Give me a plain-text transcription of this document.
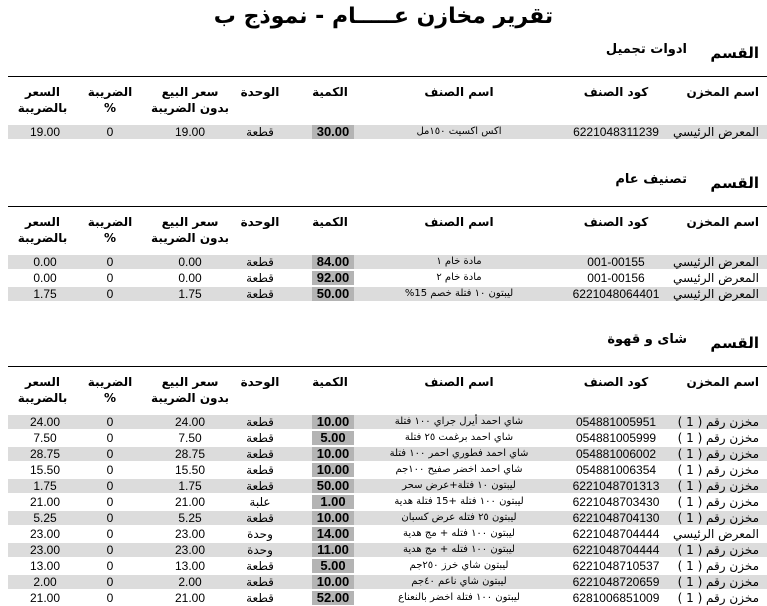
تقرير مخازن عـــــام - نموذج ب
القسم
ادوات تجميل
اسم المخزن
كود الصنف
اسم الصنف
الكمية
الوحدة
سعر البيع
بدون الضريبة
الضريبة
%
السعر
بالضريبة
المعرض الرئيسي
6221048311239
اكس اكسيت ١٥٠مل
30.00
قطعة
19.00
0
19.00
القسم
تصنيف عام
اسم المخزن
كود الصنف
اسم الصنف
الكمية
الوحدة
سعر البيع
بدون الضريبة
الضريبة
%
السعر
بالضريبة
المعرض الرئيسي
001-00155
مادة خام ١
84.00
قطعة
0.00
0
0.00
المعرض الرئيسي
001-00156
مادة خام ٢
92.00
قطعة
0.00
0
0.00
المعرض الرئيسي
6221048064401
ليبتون ١٠ فتلة خصم 15%
50.00
قطعة
1.75
0
1.75
القسم
شاى و قهوة
اسم المخزن
كود الصنف
اسم الصنف
الكمية
الوحدة
سعر البيع
بدون الضريبة
الضريبة
%
السعر
بالضريبة
مخزن رقم ( 1 )
054881005951
شاي احمد أيرل جراي ١٠٠ فتلة
10.00
قطعة
24.00
0
24.00
مخزن رقم ( 1 )
054881005999
شاي احمد برغمت ٢٥ فتلة
5.00
قطعة
7.50
0
7.50
مخزن رقم ( 1 )
054881006002
شاي احمد فطوري احمر ١٠٠ فتلة
10.00
قطعة
28.75
0
28.75
مخزن رقم ( 1 )
054881006354
شاي احمد اخضر صفيح ١٠٠جم
10.00
قطعة
15.50
0
15.50
مخزن رقم ( 1 )
6221048701313
ليبتون ١٠ فتلة+عرض سحر
50.00
قطعة
1.75
0
1.75
مخزن رقم ( 1 )
6221048703430
ليبتون ١٠٠ فتلة +15 فتلة هدية
1.00
علبة
21.00
0
21.00
مخزن رقم ( 1 )
6221048704130
ليبتون ٢٥ فتله عرض كسبان
10.00
قطعة
5.25
0
5.25
المعرض الرئيسي
6221048704444
ليبتون ١٠٠ فتله + مج هدية
14.00
وحدة
23.00
0
23.00
مخزن رقم ( 1 )
6221048704444
ليبتون ١٠٠ فتله + مج هدية
11.00
وحدة
23.00
0
23.00
مخزن رقم ( 1 )
6221048710537
ليبتون شاي خرز ٢٥٠جم
5.00
قطعة
13.00
0
13.00
مخزن رقم ( 1 )
6221048720659
ليبتون شاي ناعم ٤٠جم
10.00
قطعة
2.00
0
2.00
مخزن رقم ( 1 )
6281006851009
ليبتون ١٠٠ فتلة اخضر بالنعناع
52.00
قطعة
21.00
0
21.00
